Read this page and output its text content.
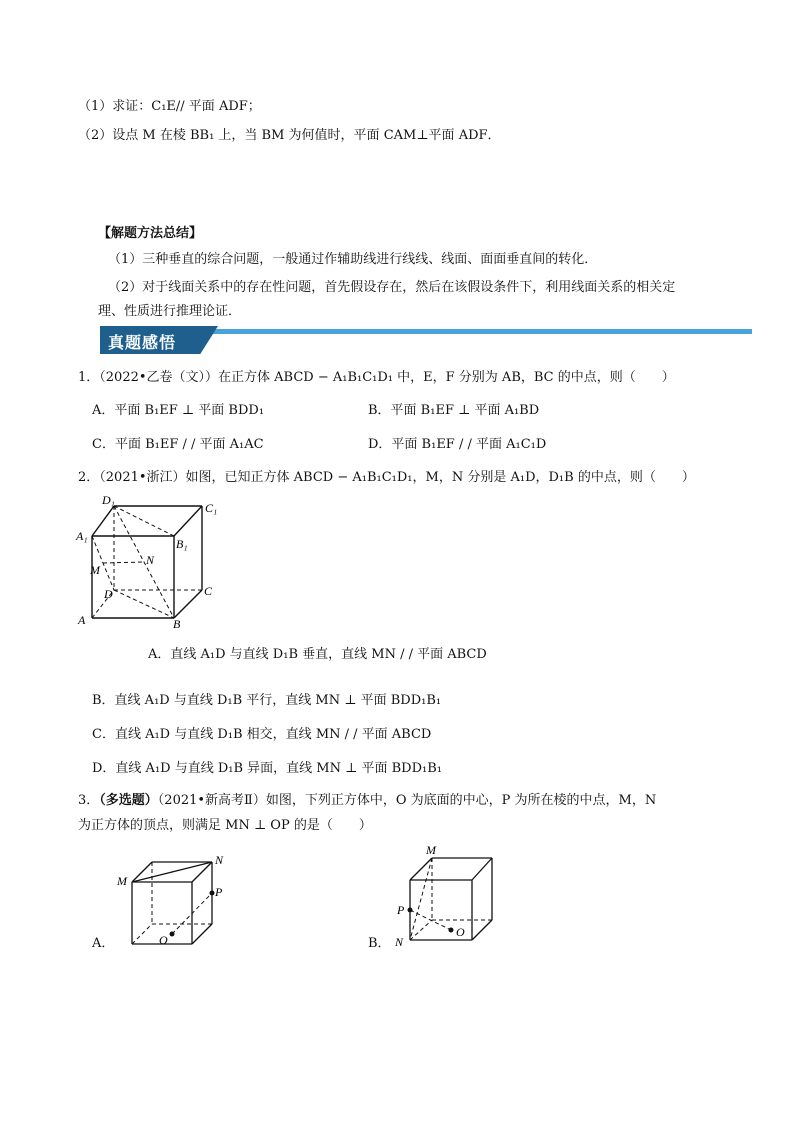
（1）求证：C₁E// 平面 ADF；
（2）设点 M 在棱 BB₁ 上，当 BM 为何值时，平面 CAM⊥平面 ADF．
【解题方法总结】
（1）三种垂直的综合问题，一般通过作辅助线进行线线、线面、面面垂直间的转化．
（2）对于线面关系中的存在性问题，首先假设存在，然后在该假设条件下，利用线面关系的相关定
理、性质进行推理论证．
真题感悟
1．（2022•乙卷（文））在正方体 ABCD − A₁B₁C₁D₁ 中，E，F 分别为 AB，BC 的中点，则（　　）
A．平面 B₁EF ⊥ 平面 BDD₁	B．平面 B₁EF ⊥ 平面 A₁BD
C．平面 B₁EF / / 平面 A₁AC	D．平面 B₁EF / / 平面 A₁C₁D
2．（2021•浙江）如图，已知正方体 ABCD − A₁B₁C₁D₁，M，N 分别是 A₁D，D₁B 的中点，则（　　）
D₁
C₁
A₁
B₁
N
M
D	C
A	B
A．直线 A₁D 与直线 D₁B 垂直，直线 MN / / 平面 ABCD
B．直线 A₁D 与直线 D₁B 平行，直线 MN ⊥ 平面 BDD₁B₁
C．直线 A₁D 与直线 D₁B 相交，直线 MN / / 平面 ABCD
D．直线 A₁D 与直线 D₁B 异面，直线 MN ⊥ 平面 BDD₁B₁
3．（多选题）（2021•新高考Ⅱ）如图，下列正方体中，O 为底面的中心，P 为所在棱的中点，M，N
为正方体的顶点，则满足 MN ⊥ OP 的是（　　）
A．
M
N
P
O	B．
M
P
N
O
